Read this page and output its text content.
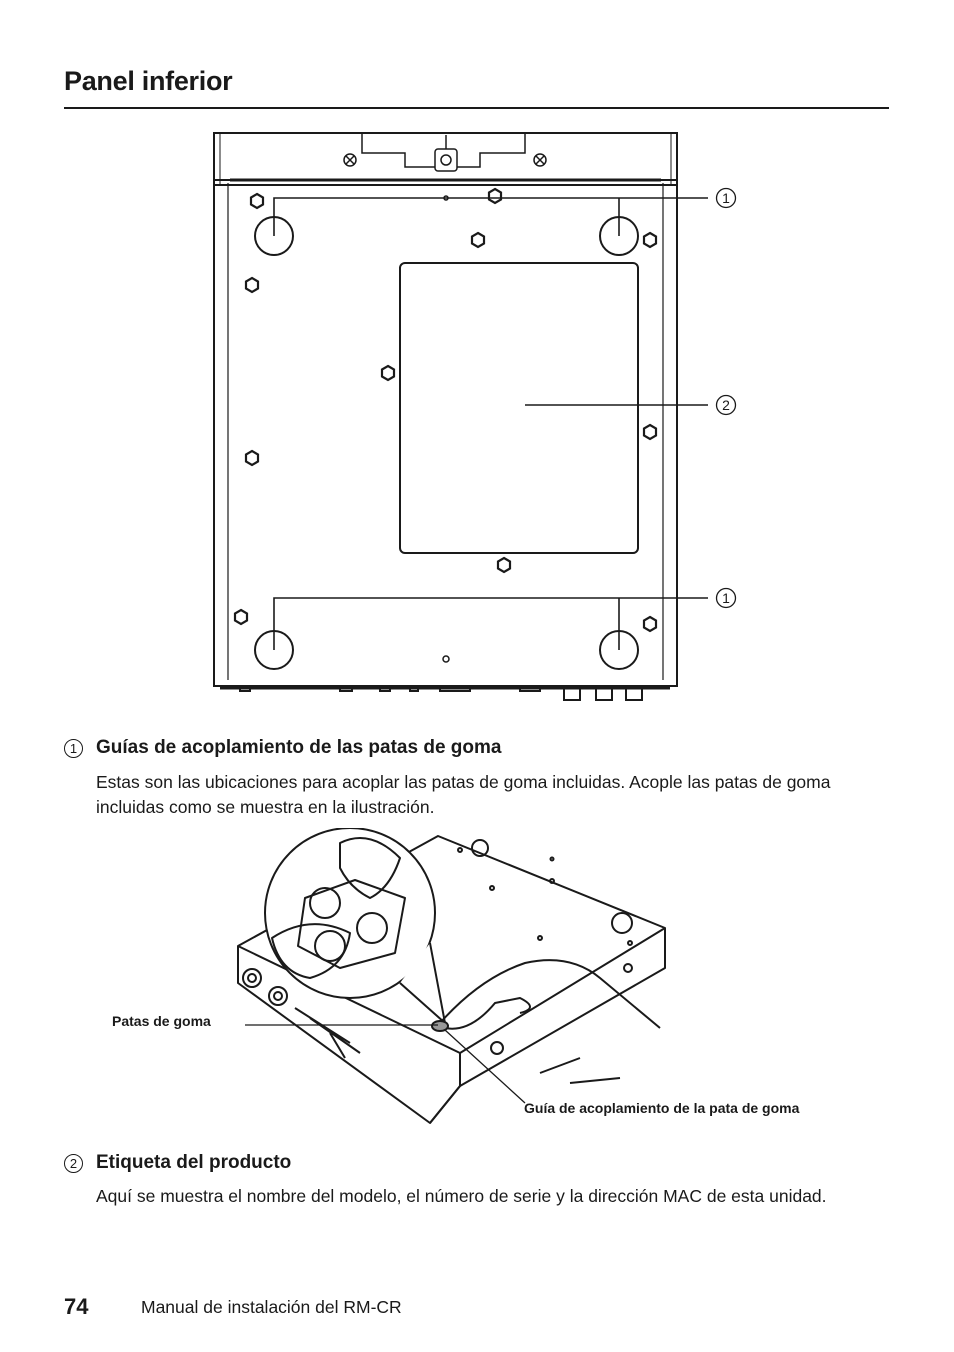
Panel inferior
1
2
1
1 Guías de acoplamiento de las patas de goma

Estas son las ubicaciones para acoplar las patas de goma incluidas. Acople las patas de goma incluidas como se muestra en la ilustración.

Patas de goma
Guía de acoplamiento de la pata de goma
2 Etiqueta del producto

Aquí se muestra el nombre del modelo, el número de serie y la dirección MAC de esta unidad.

74	Manual de instalación del RM-CR
